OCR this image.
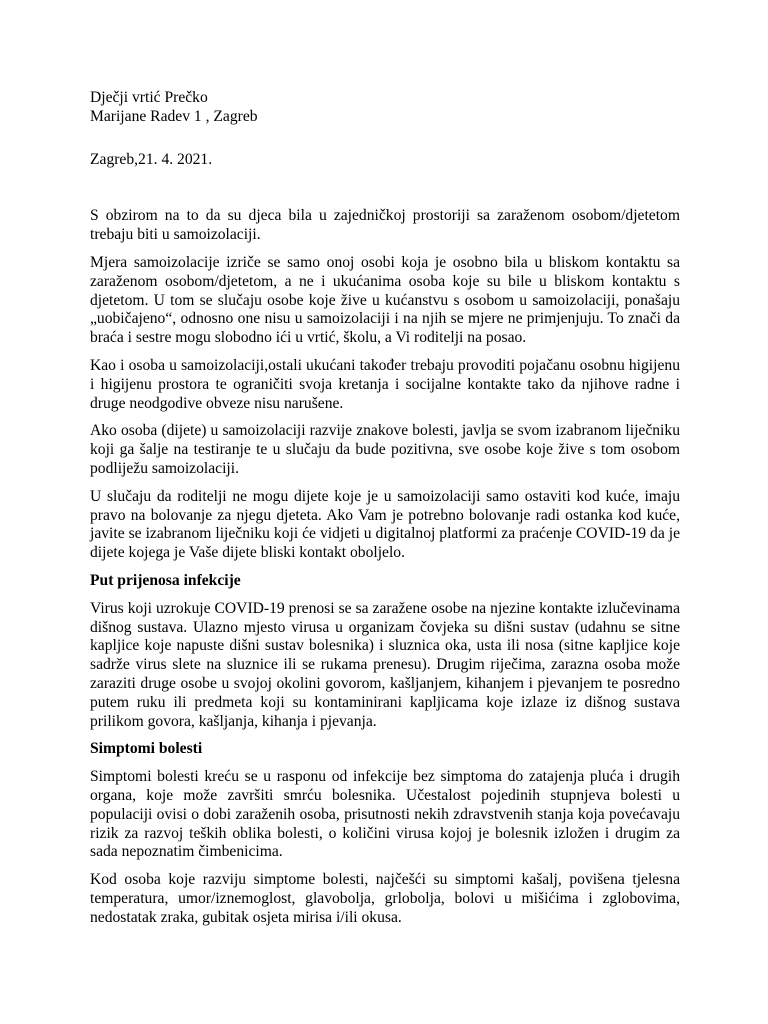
Dječji vrtić Prečko
Marijane Radev 1 , Zagreb
Zagreb,21. 4. 2021.

S obzirom na to da su djeca bila u zajedničkoj prostoriji sa zaraženom osobom/djetetom trebaju biti u samoizolaciji.

Mjera samoizolacije izriče se samo onoj osobi koja je osobno bila u bliskom kontaktu sa zaraženom osobom/djetetom, a ne i ukućanima osoba koje su bile u bliskom kontaktu s djetetom. U tom se slučaju osobe koje žive u kućanstvu s osobom u samoizolaciji, ponašaju „uobičajeno“, odnosno one nisu u samoizolaciji i na njih se mjere ne primjenjuju. To znači da braća i sestre mogu slobodno ići u vrtić, školu, a Vi roditelji na posao.

Kao i osoba u samoizolaciji,ostali ukućani također trebaju provoditi pojačanu osobnu higijenu i higijenu prostora te ograničiti svoja kretanja i socijalne kontakte tako da njihove radne i druge neodgodive obveze nisu narušene.

Ako osoba (dijete) u samoizolaciji razvije znakove bolesti, javlja se svom izabranom liječniku koji ga šalje na testiranje te u slučaju da bude pozitivna, sve osobe koje žive s tom osobom podliježu samoizolaciji.

U slučaju da roditelji ne mogu dijete koje je u samoizolaciji samo ostaviti kod kuće, imaju pravo na bolovanje za njegu djeteta. Ako Vam je potrebno bolovanje radi ostanka kod kuće, javite se izabranom liječniku koji će vidjeti u digitalnoj platformi za praćenje COVID-19 da je dijete kojega je Vaše dijete bliski kontakt oboljelo.

Put prijenosa infekcije

Virus koji uzrokuje COVID-19 prenosi se sa zaražene osobe na njezine kontakte izlučevinama dišnog sustava. Ulazno mjesto virusa u organizam čovjeka su dišni sustav (udahnu se sitne kapljice koje napuste dišni sustav bolesnika) i sluznica oka, usta ili nosa (sitne kapljice koje sadrže virus slete na sluznice ili se rukama prenesu). Drugim riječima, zarazna osoba može zaraziti druge osobe u svojoj okolini govorom, kašljanjem, kihanjem i pjevanjem te posredno putem ruku ili predmeta koji su kontaminirani kapljicama koje izlaze iz dišnog sustava prilikom govora, kašljanja, kihanja i pjevanja.

Simptomi bolesti

Simptomi bolesti kreću se u rasponu od infekcije bez simptoma do zatajenja pluća i drugih organa, koje može završiti smrću bolesnika. Učestalost pojedinih stupnjeva bolesti u populaciji ovisi o dobi zaraženih osoba, prisutnosti nekih zdravstvenih stanja koja povećavaju rizik za razvoj teških oblika bolesti, o količini virusa kojoj je bolesnik izložen i drugim za sada nepoznatim čimbenicima.

Kod osoba koje razviju simptome bolesti, najčešći su simptomi kašalj, povišena tjelesna temperatura, umor/iznemoglost, glavobolja, grlobolja, bolovi u mišićima i zglobovima, nedostatak zraka, gubitak osjeta mirisa i/ili okusa.
